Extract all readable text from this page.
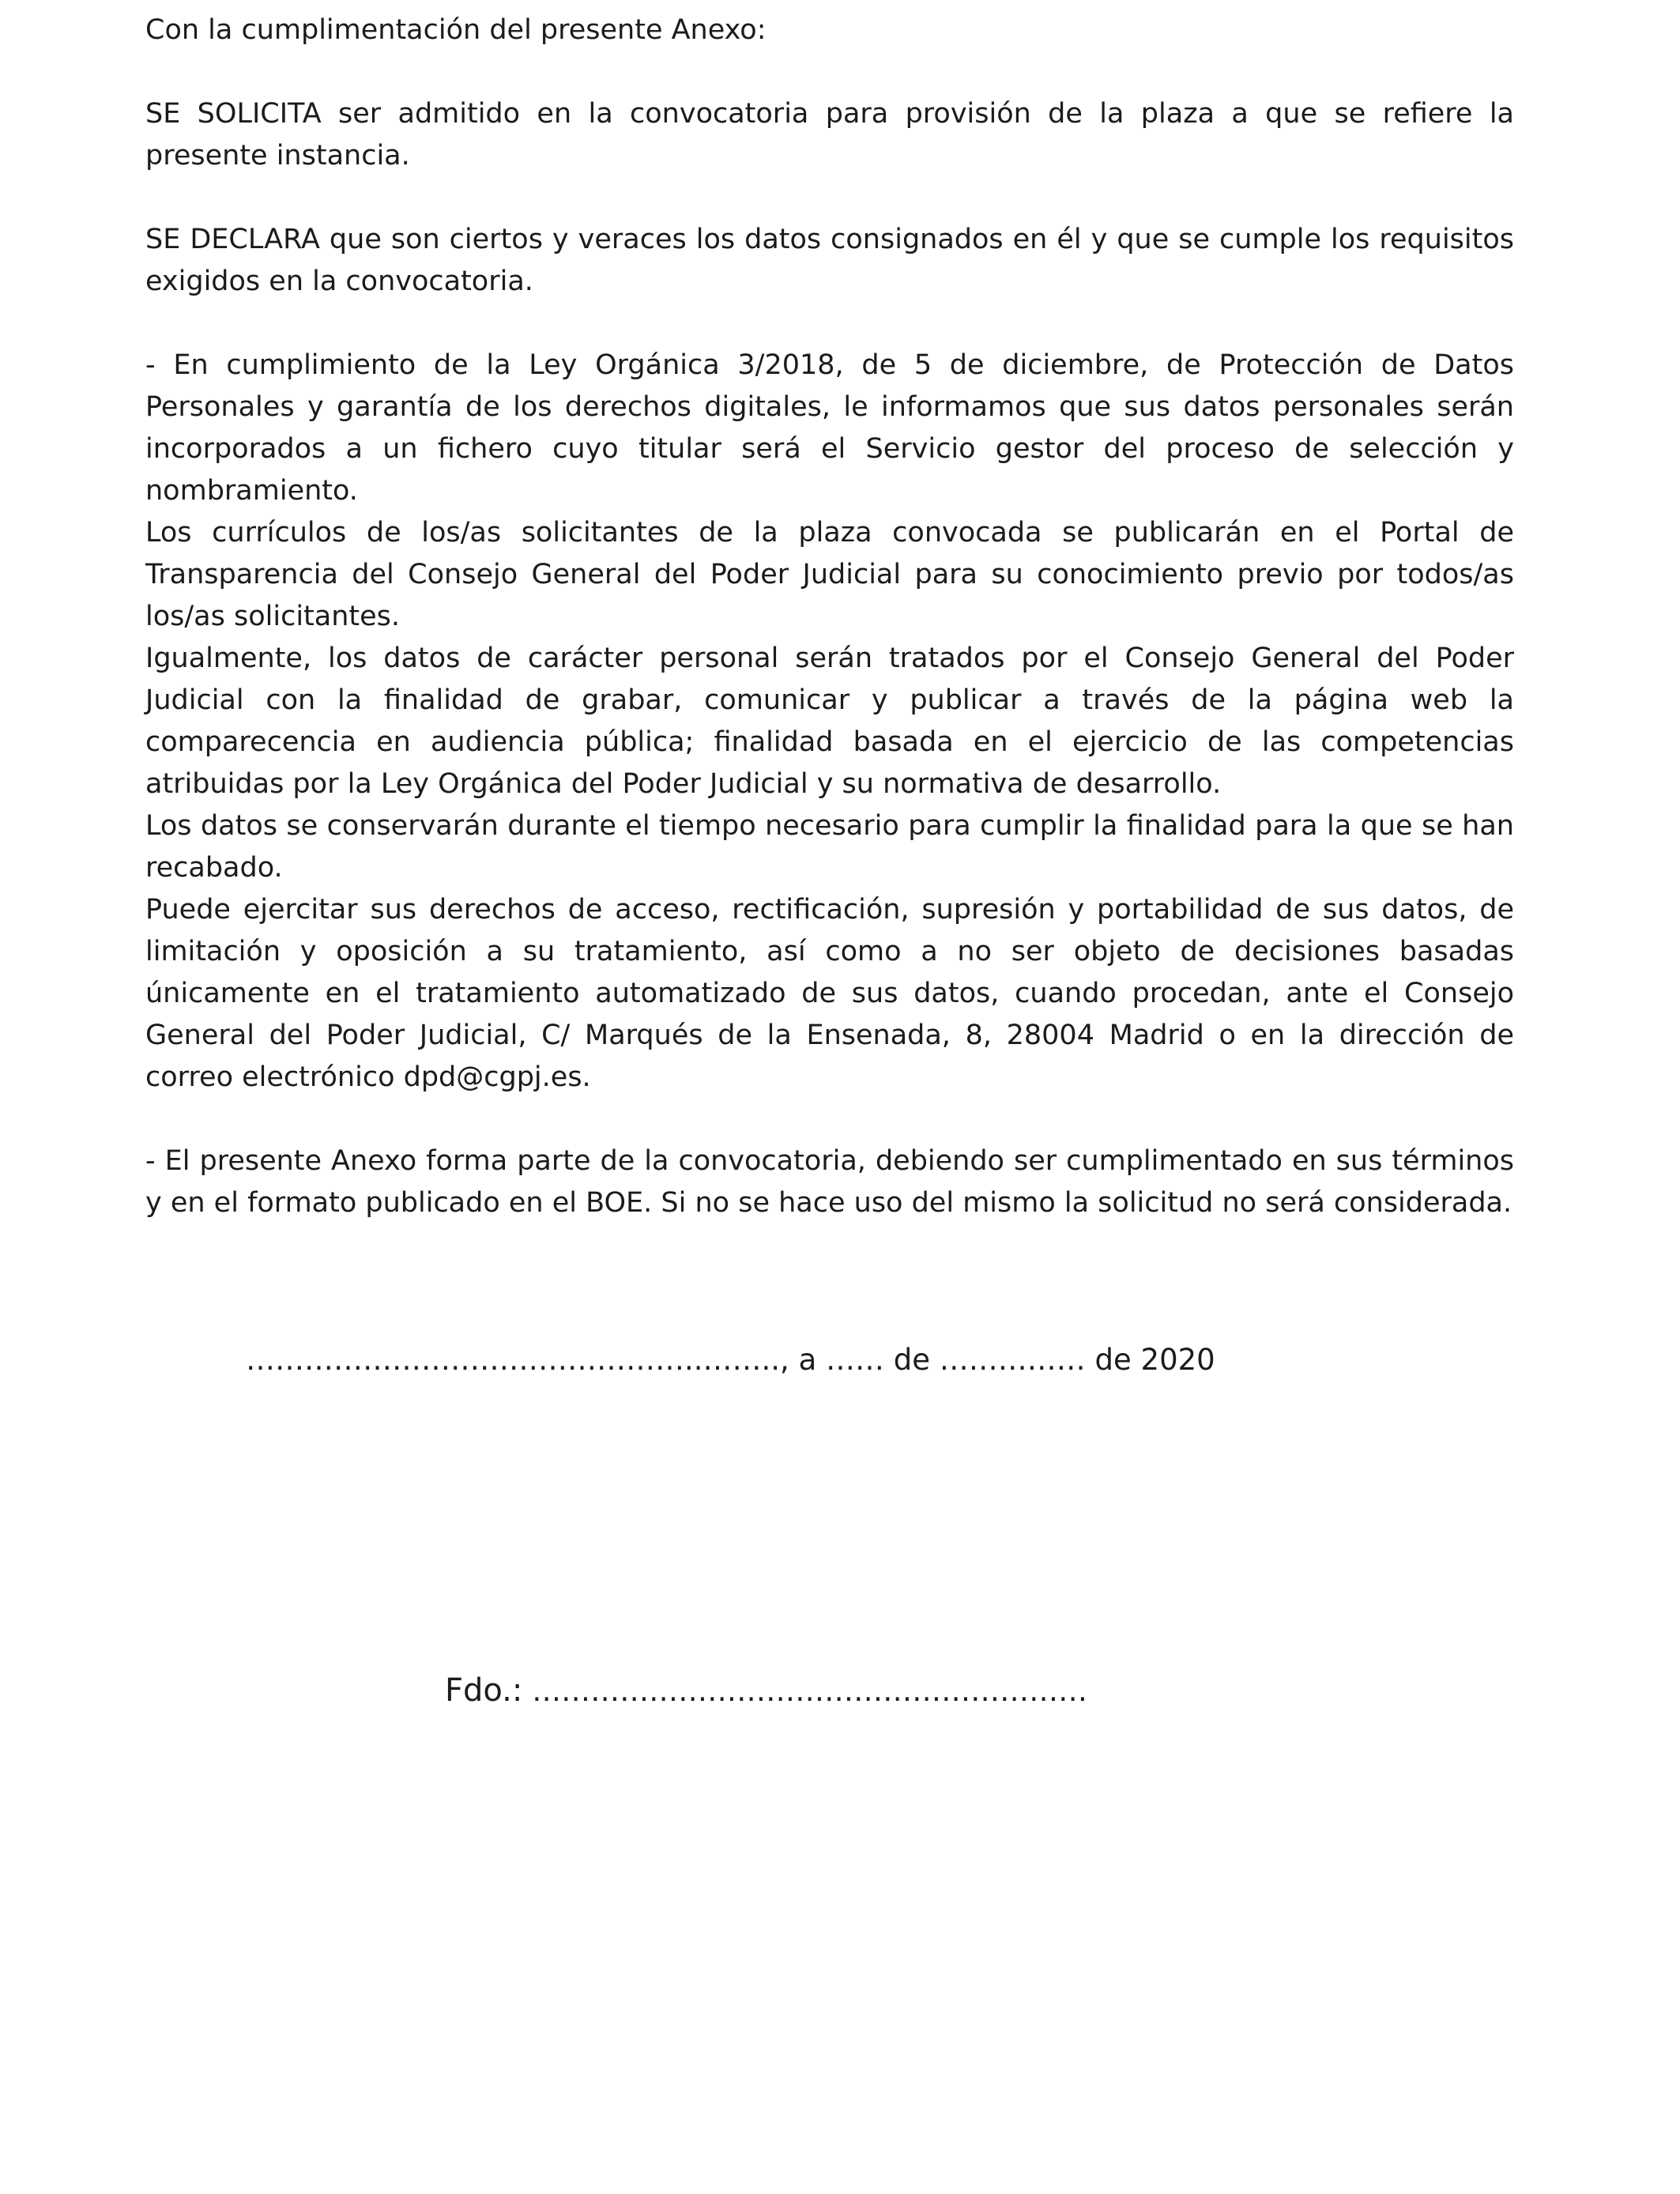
Con la cumplimentación del presente Anexo:

SE SOLICITA ser admitido en la convocatoria para provisión de la plaza a que se refiere la presente instancia.

SE DECLARA que son ciertos y veraces los datos consignados en él y que se cumple los requisitos exigidos en la convocatoria.

- En cumplimiento de la Ley Orgánica 3/2018, de 5 de diciembre, de Protección de Datos Personales y garantía de los derechos digitales, le informamos que sus datos personales serán incorporados a un fichero cuyo titular será el Servicio gestor del proceso de selección y nombramiento.

Los currículos de los/as solicitantes de la plaza convocada se publicarán en el Portal de Transparencia del Consejo General del Poder Judicial para su conocimiento previo por todos/as los/as solicitantes.

Igualmente, los datos de carácter personal serán tratados por el Consejo General del Poder Judicial con la finalidad de grabar, comunicar y publicar a través de la página web la comparecencia en audiencia pública; finalidad basada en el ejercicio de las competencias atribuidas por la Ley Orgánica del Poder Judicial y su normativa de desarrollo.

Los datos se conservarán durante el tiempo necesario para cumplir la finalidad para la que se han recabado.

Puede ejercitar sus derechos de acceso, rectificación, supresión y portabilidad de sus datos, de limitación y oposición a su tratamiento, así como a no ser objeto de decisiones basadas únicamente en el tratamiento automatizado de sus datos, cuando procedan, ante el Consejo General del Poder Judicial, C/ Marqués de la Ensenada, 8, 28004 Madrid o en la dirección de correo electrónico dpd@cgpj.es.

- El presente Anexo forma parte de la convocatoria, debiendo ser cumplimentado en sus términos y en el formato publicado en el BOE. Si no se hace uso del mismo la solicitud no será considerada.

………………………………………..…….., a …… de …………… de 2020
Fdo.: …………………………………………………
